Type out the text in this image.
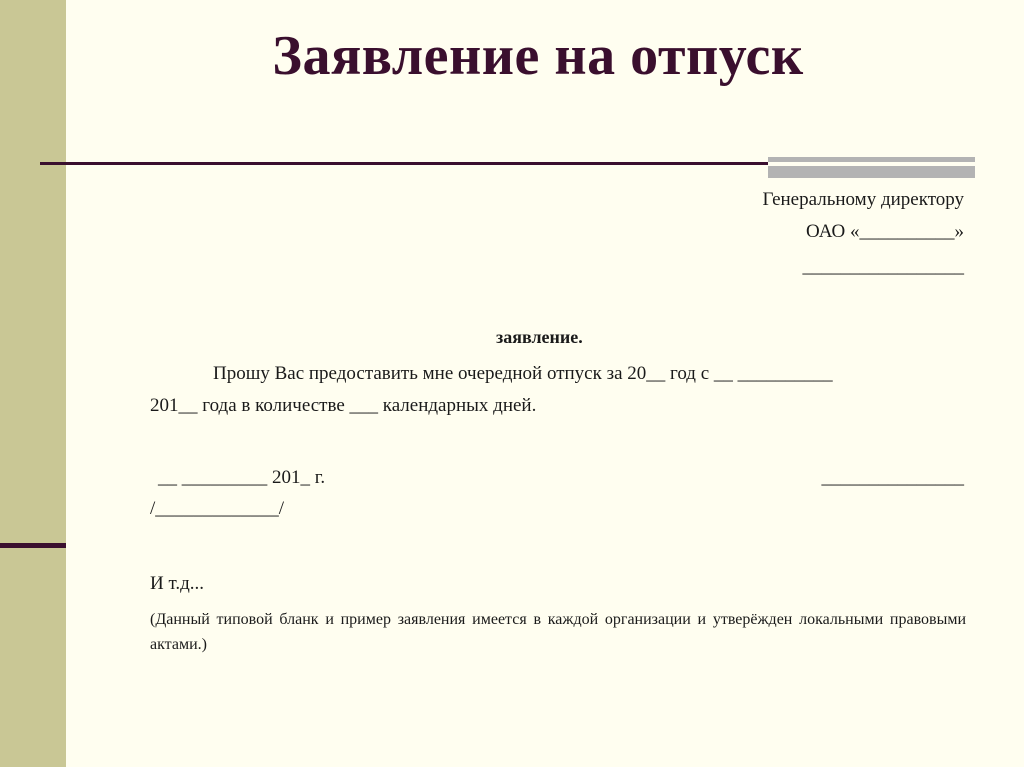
Заявление на отпуск
Генеральному директору
ОАО «__________»
_________________
заявление.
Прошу Вас предоставить мне очередной отпуск за 20__ год с __ __________
201__ года в количестве ___ календарных дней.
__ _________ 201_ г.	_______________
/_____________/
И т.д...
(Данный типовой бланк и пример заявления имеется в каждой организации и утверёжден локальными правовыми актами.)
